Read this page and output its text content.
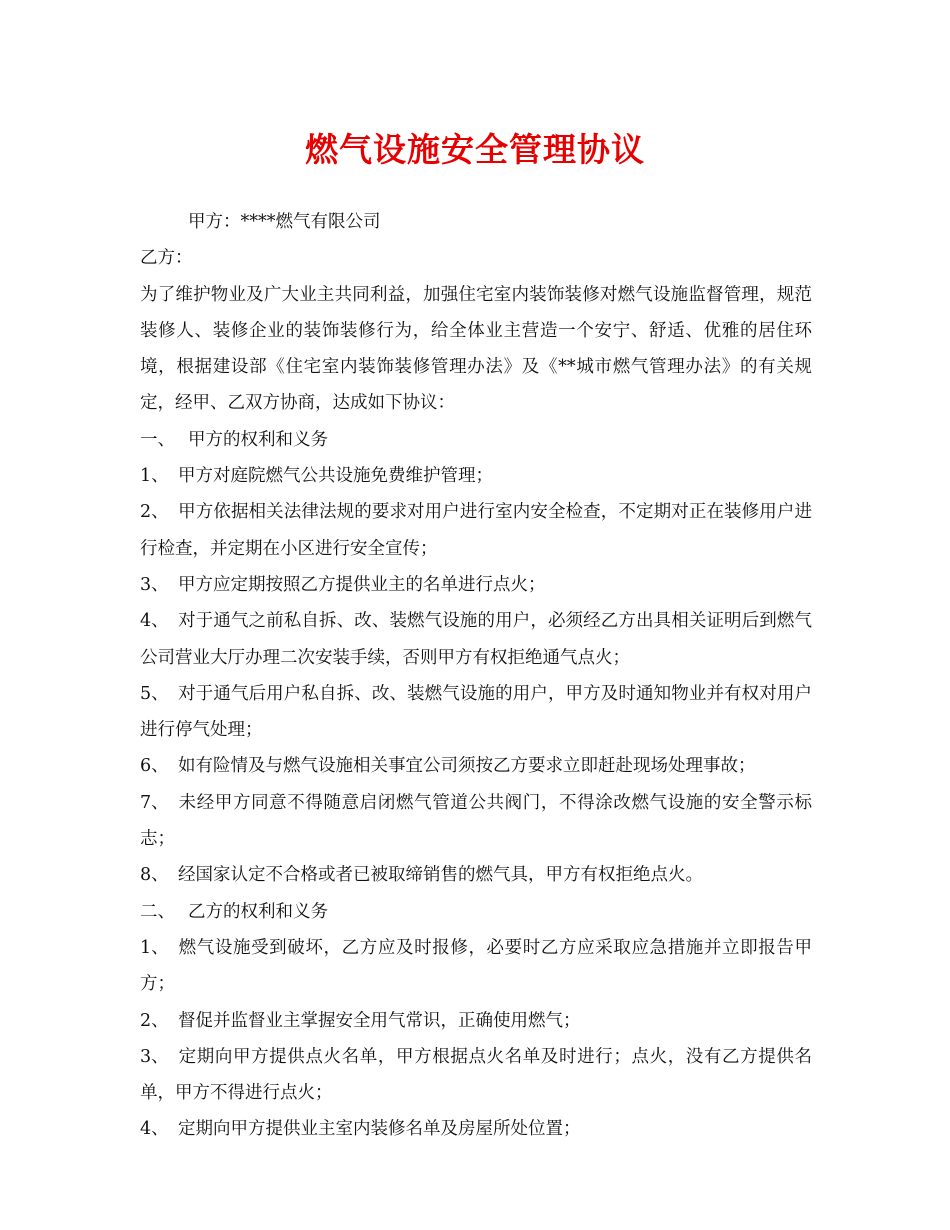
燃气设施安全管理协议

甲方：****燃气有限公司

乙方：

为了维护物业及广大业主共同利益，加强住宅室内装饰装修对燃气设施监督管理，规范装修人、装修企业的装饰装修行为，给全体业主营造一个安宁、舒适、优雅的居住环境，根据建设部《住宅室内装饰装修管理办法》及《**城市燃气管理办法》的有关规定，经甲、乙双方协商，达成如下协议：

一、 甲方的权利和义务

1、 甲方对庭院燃气公共设施免费维护管理；

2、 甲方依据相关法律法规的要求对用户进行室内安全检查，不定期对正在装修用户进行检查，并定期在小区进行安全宣传；

3、 甲方应定期按照乙方提供业主的名单进行点火；

4、 对于通气之前私自拆、改、装燃气设施的用户，必须经乙方出具相关证明后到燃气公司营业大厅办理二次安装手续，否则甲方有权拒绝通气点火；

5、 对于通气后用户私自拆、改、装燃气设施的用户，甲方及时通知物业并有权对用户进行停气处理；

6、 如有险情及与燃气设施相关事宜公司须按乙方要求立即赶赴现场处理事故；

7、 未经甲方同意不得随意启闭燃气管道公共阀门，不得涂改燃气设施的安全警示标志；

8、 经国家认定不合格或者已被取缔销售的燃气具，甲方有权拒绝点火。

二、 乙方的权利和义务

1、 燃气设施受到破坏，乙方应及时报修，必要时乙方应采取应急措施并立即报告甲方；

2、 督促并监督业主掌握安全用气常识，正确使用燃气；

3、 定期向甲方提供点火名单，甲方根据点火名单及时进行；点火，没有乙方提供名单，甲方不得进行点火；

4、 定期向甲方提供业主室内装修名单及房屋所处位置；
